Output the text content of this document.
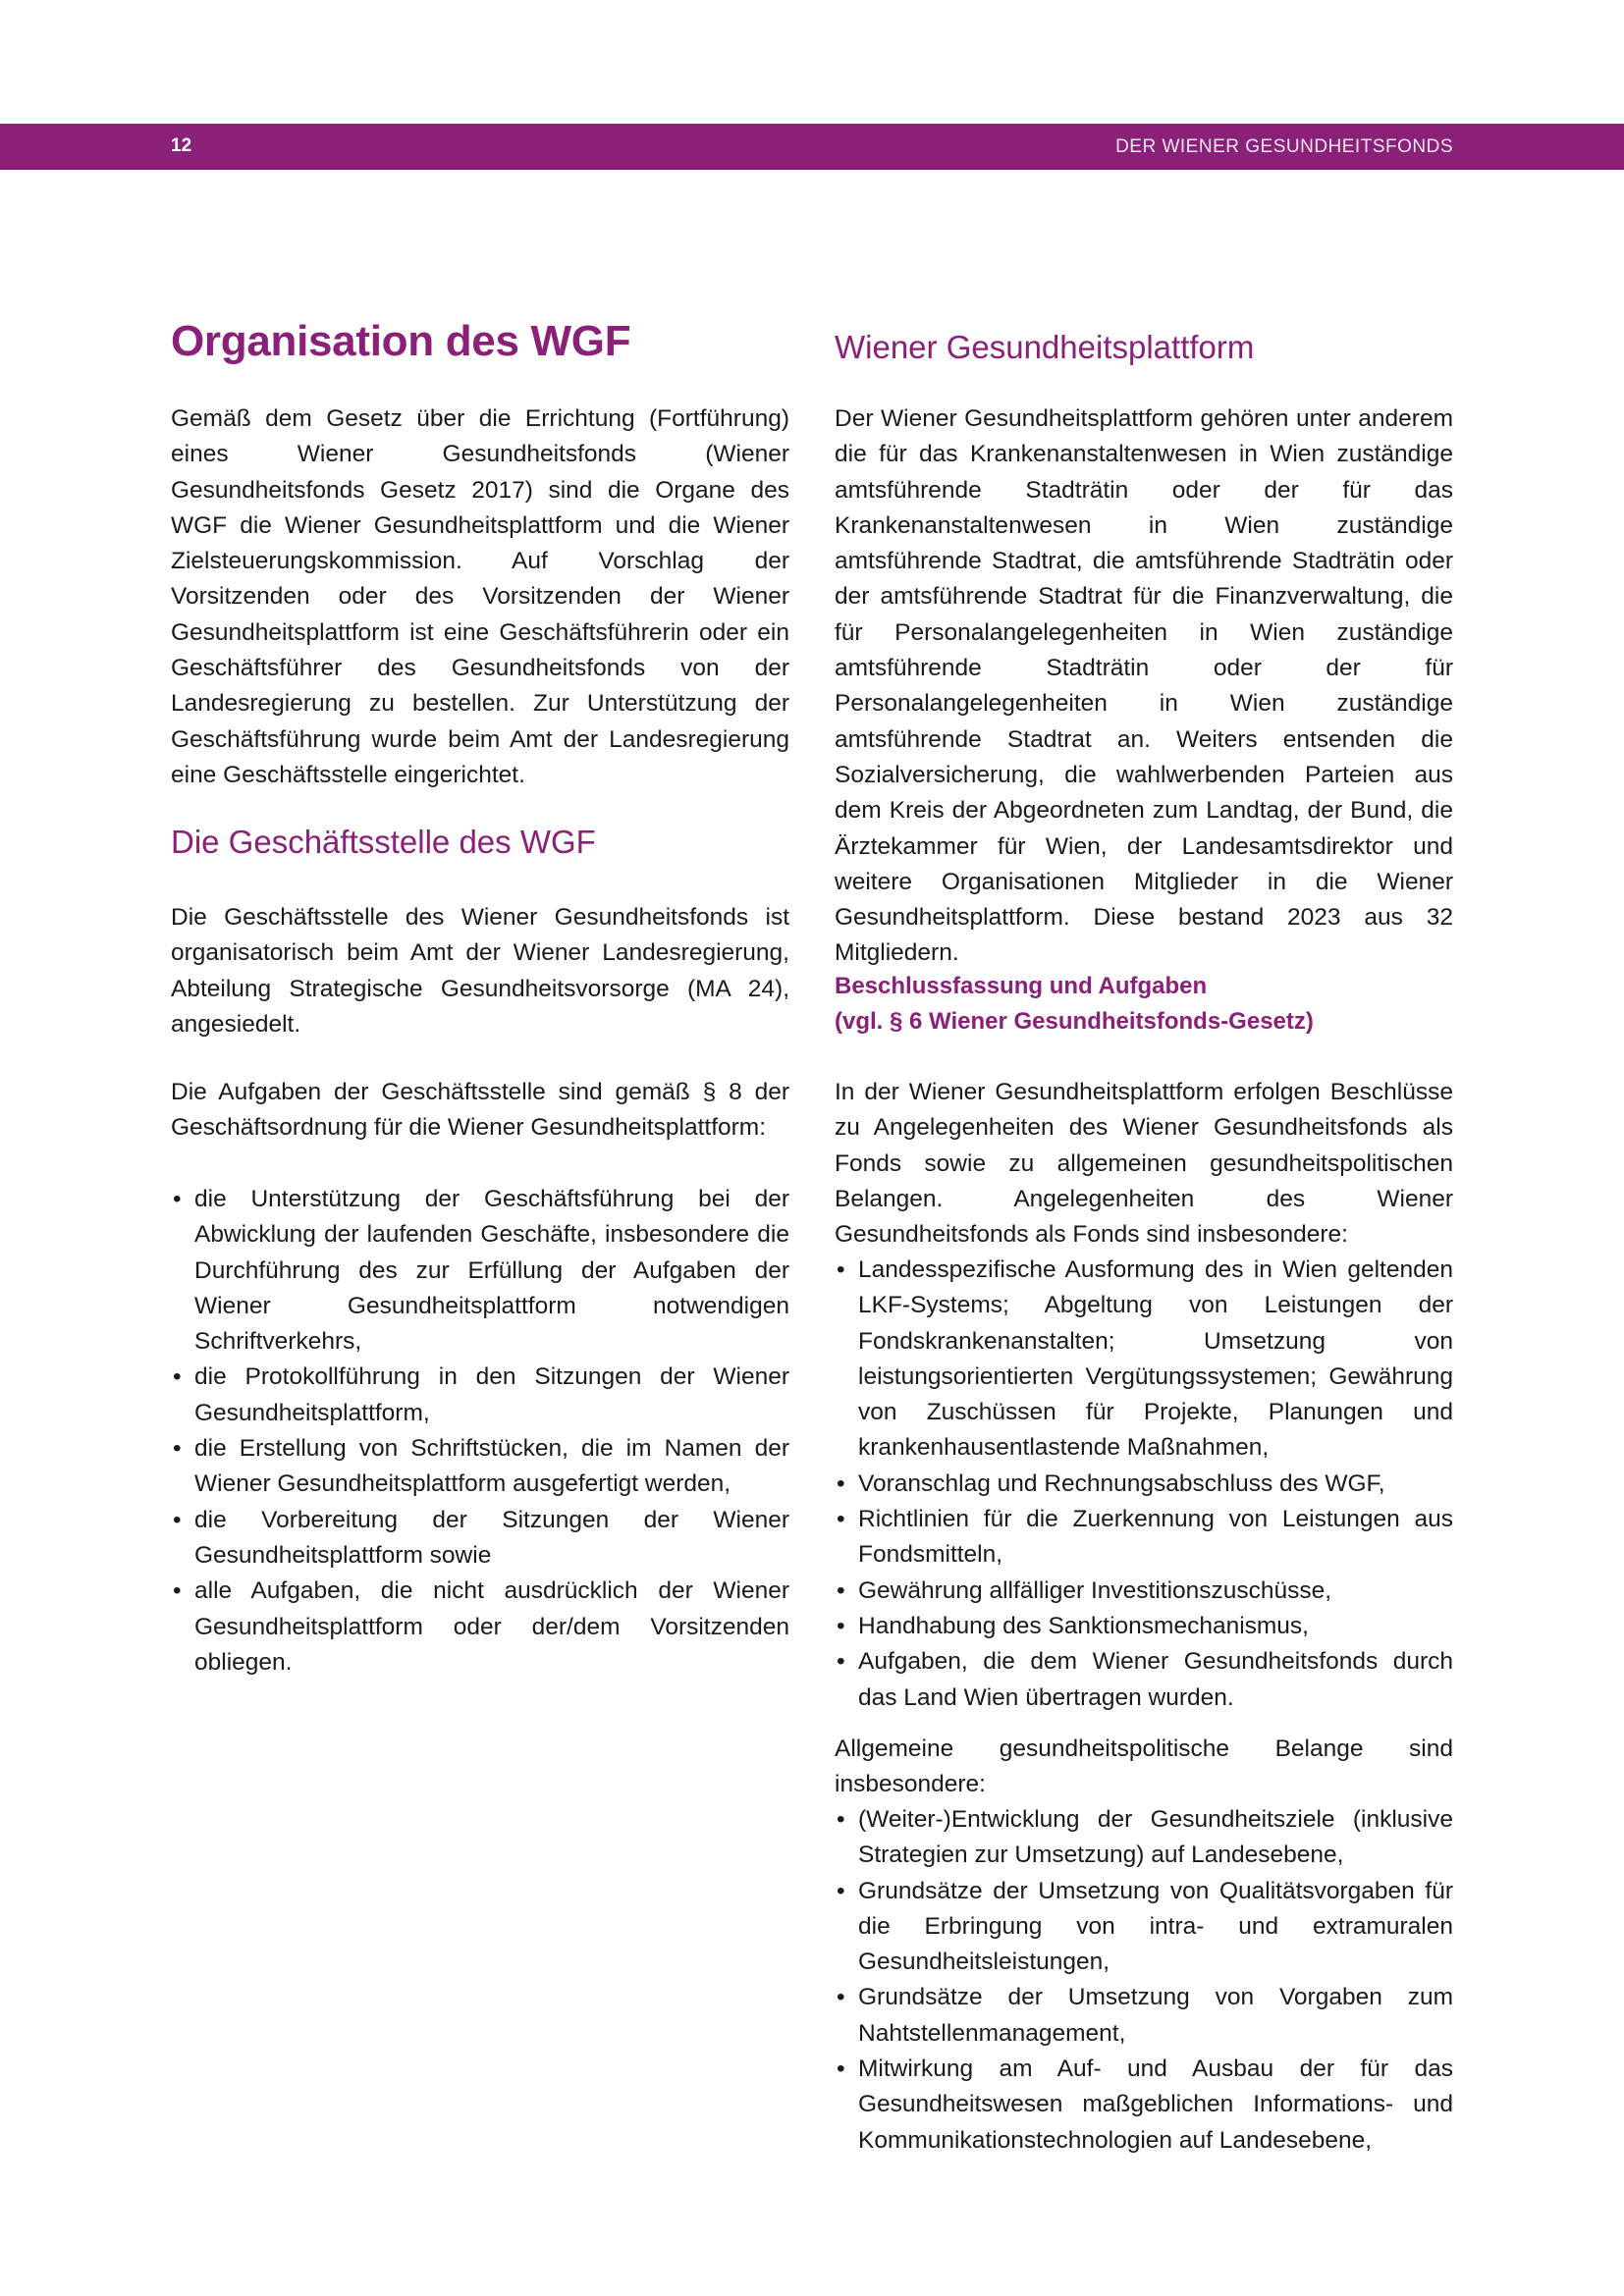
12	DER WIENER GESUNDHEITSFONDS
Organisation des WGF
Gemäß dem Gesetz über die Errichtung (Fortführung) eines Wiener Gesundheitsfonds (Wiener Gesundheitsfonds Gesetz 2017) sind die Organe des WGF die Wiener Gesundheitsplattform und die Wiener Zielsteuerungskommission. Auf Vorschlag der Vorsitzenden oder des Vorsitzenden der Wiener Gesundheitsplattform ist eine Geschäftsführerin oder ein Geschäftsführer des Gesundheitsfonds von der Landesregierung zu bestellen. Zur Unterstützung der Geschäftsführung wurde beim Amt der Landesregierung eine Geschäftsstelle eingerichtet.
Die Geschäftsstelle des WGF
Die Geschäftsstelle des Wiener Gesundheitsfonds ist organisatorisch beim Amt der Wiener Landesregierung, Abteilung Strategische Gesundheitsvorsorge (MA 24), angesiedelt.
Die Aufgaben der Geschäftsstelle sind gemäß § 8 der Geschäftsordnung für die Wiener Gesundheitsplattform:
• die Unterstützung der Geschäftsführung bei der Abwicklung der laufenden Geschäfte, insbesondere die Durchführung des zur Erfüllung der Aufgaben der Wiener Gesundheitsplattform notwendigen Schriftverkehrs,
• die Protokollführung in den Sitzungen der Wiener Gesundheitsplattform,
• die Erstellung von Schriftstücken, die im Namen der Wiener Gesundheitsplattform ausgefertigt werden,
• die Vorbereitung der Sitzungen der Wiener Gesundheitsplattform sowie
• alle Aufgaben, die nicht ausdrücklich der Wiener Gesundheitsplattform oder der/dem Vorsitzenden obliegen.
Wiener Gesundheitsplattform
Der Wiener Gesundheitsplattform gehören unter anderem die für das Krankenanstaltenwesen in Wien zuständige amtsführende Stadträtin oder der für das Krankenanstaltenwesen in Wien zuständige amtsführende Stadtrat, die amtsführende Stadträtin oder der amtsführende Stadtrat für die Finanzverwaltung, die für Personalangelegenheiten in Wien zuständige amtsführende Stadträtin oder der für Personalangelegenheiten in Wien zuständige amtsführende Stadtrat an. Weiters entsenden die Sozialversicherung, die wahlwerbenden Parteien aus dem Kreis der Abgeordneten zum Landtag, der Bund, die Ärztekammer für Wien, der Landesamtsdirektor und weitere Organisationen Mitglieder in die Wiener Gesundheitsplattform. Diese bestand 2023 aus 32 Mitgliedern.
Beschlussfassung und Aufgaben
(vgl. § 6 Wiener Gesundheitsfonds-Gesetz)
In der Wiener Gesundheitsplattform erfolgen Beschlüsse zu Angelegenheiten des Wiener Gesundheitsfonds als Fonds sowie zu allgemeinen gesundheitspolitischen Belangen. Angelegenheiten des Wiener Gesundheitsfonds als Fonds sind insbesondere:
• Landesspezifische Ausformung des in Wien geltenden LKF-Systems; Abgeltung von Leistungen der Fondskrankenanstalten; Umsetzung von leistungsorientierten Vergütungssystemen; Gewährung von Zuschüssen für Projekte, Planungen und krankenhausentlastende Maßnahmen,
• Voranschlag und Rechnungsabschluss des WGF,
• Richtlinien für die Zuerkennung von Leistungen aus Fondsmitteln,
• Gewährung allfälliger Investitionszuschüsse,
• Handhabung des Sanktionsmechanismus,
• Aufgaben, die dem Wiener Gesundheitsfonds durch das Land Wien übertragen wurden.
Allgemeine gesundheitspolitische Belange sind insbesondere:
• (Weiter-)Entwicklung der Gesundheitsziele (inklusive Strategien zur Umsetzung) auf Landesebene,
• Grundsätze der Umsetzung von Qualitätsvorgaben für die Erbringung von intra- und extramuralen Gesundheitsleistungen,
• Grundsätze der Umsetzung von Vorgaben zum Nahtstellenmanagement,
• Mitwirkung am Auf- und Ausbau der für das Gesundheitswesen maßgeblichen Informations- und Kommunikationstechnologien auf Landesebene,
